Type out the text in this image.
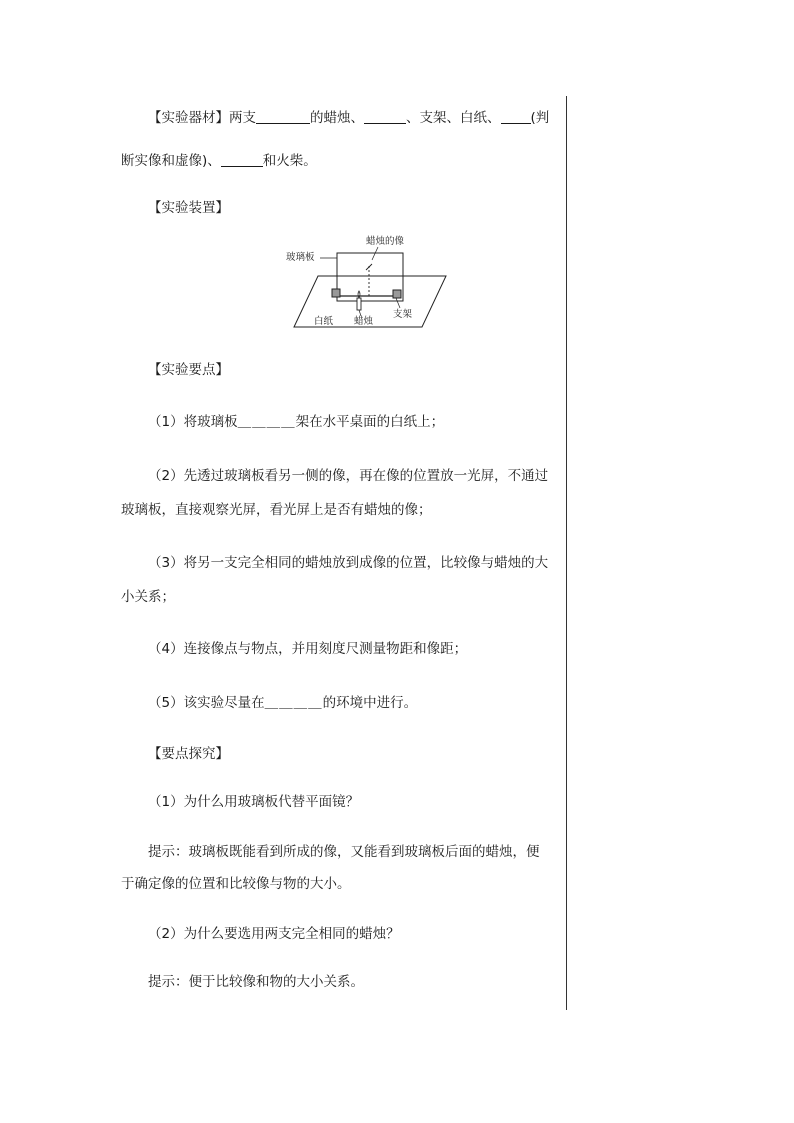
【实验器材】两支	的蜡烛、	、支架、白纸、 (判
断实像和虚像)、	和火柴。
【实验装置】
玻璃板
蜡烛的像
白纸 蜡烛
支架
【实验要点】
（1）将玻璃板＿＿＿＿架在水平桌面的白纸上；
（2）先透过玻璃板看另一侧的像，再在像的位置放一光屏，不通过
玻璃板，直接观察光屏，看光屏上是否有蜡烛的像；
（3）将另一支完全相同的蜡烛放到成像的位置，比较像与蜡烛的大
小关系；
（4）连接像点与物点，并用刻度尺测量物距和像距；
（5）该实验尽量在＿＿＿＿的环境中进行。
【要点探究】
（1）为什么用玻璃板代替平面镜？
提示：玻璃板既能看到所成的像，又能看到玻璃板后面的蜡烛，便
于确定像的位置和比较像与物的大小。
（2）为什么要选用两支完全相同的蜡烛？
提示：便于比较像和物的大小关系。
